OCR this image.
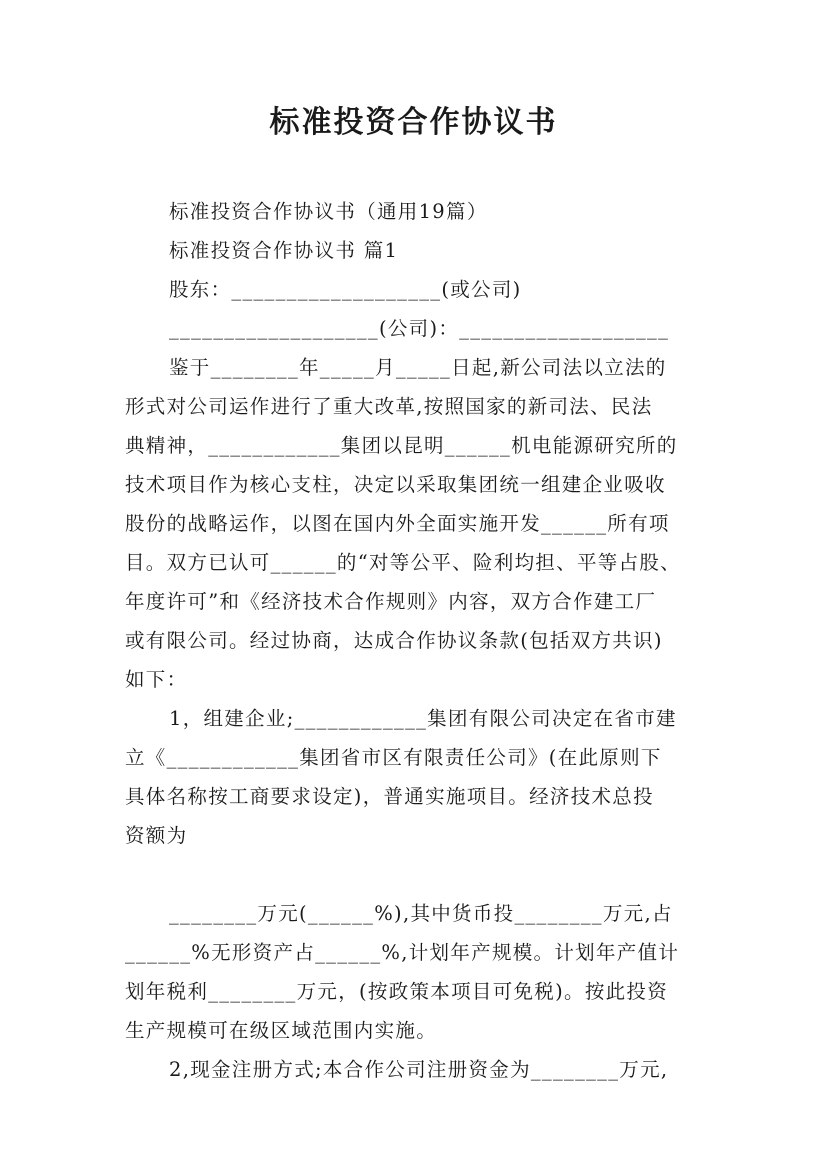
标准投资合作协议书
标准投资合作协议书（通用19篇）
标准投资合作协议书 篇1
股东：___________________(或公司)
___________________(公司)：___________________
鉴于________年_____月_____日起,新公司法以立法的
形式对公司运作进行了重大改革,按照国家的新司法、民法
典精神，____________集团以昆明______机电能源研究所的
技术项目作为核心支柱，决定以采取集团统一组建企业吸收
股份的战略运作，以图在国内外全面实施开发______所有项
目。双方已认可______的“对等公平、险利均担、平等占股、
年度许可”和《经济技术合作规则》内容，双方合作建工厂
或有限公司。经过协商，达成合作协议条款(包括双方共识)
如下：
1，组建企业;____________集团有限公司决定在省市建
立《____________集团省市区有限责任公司》(在此原则下
具体名称按工商要求设定)，普通实施项目。经济技术总投
资额为
________万元(______%),其中货币投________万元,占
______%无形资产占______%,计划年产规模。计划年产值计
划年税利________万元，(按政策本项目可免税)。按此投资
生产规模可在级区域范围内实施。
2,现金注册方式;本合作公司注册资金为________万元,
